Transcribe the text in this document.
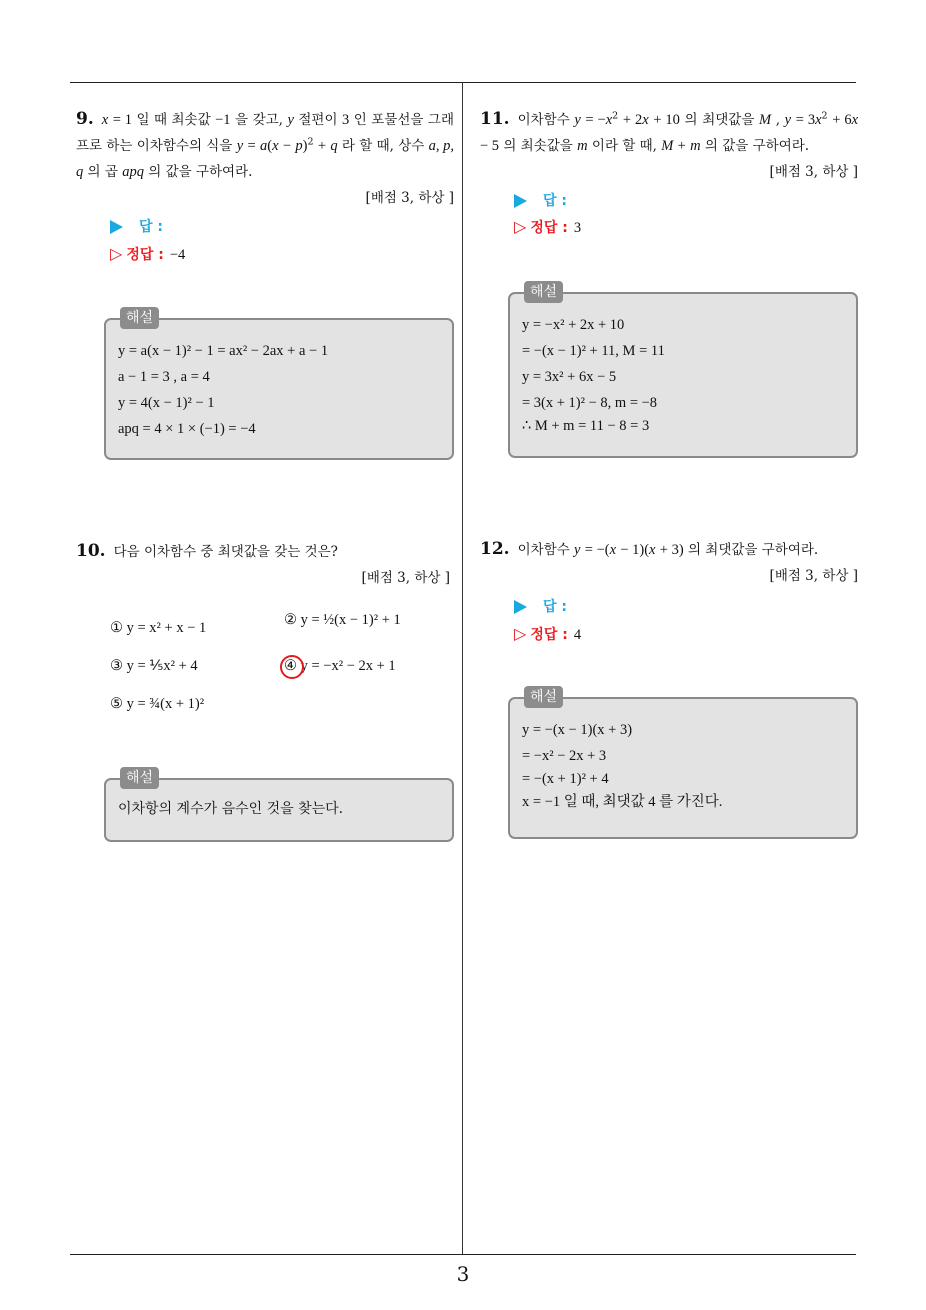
3
9. x = 1 일 때 최솟값 −1 을 갖고, y 절편이 3 인 포물선을 그래프로 하는 이차함수의 식을 $y = a(x - p)^2 + q$ 라 할 때, 상수 a, p, q 의 곱 apq 의 값을 구하여라.
[배점 3, 하상 ]
답 :
▷ 정답 : −4
해설
y = a(x − 1)² − 1 = ax² − 2ax + a − 1
a − 1 = 3 , a = 4
y = 4(x − 1)² − 1
apq = 4 × 1 × (−1) = −4
10. 다음 이차함수 중 최댓값을 갖는 것은?
[배점 3, 하상 ]
① y = x² + x − 1	② y = ½(x − 1)² + 1
③ y = ⅕x² + 4	④ y = −x² − 2x + 1
⑤ y = ¾(x + 1)²
해설
이차항의 계수가 음수인 것을 찾는다.
11. 이차함수 $y = -x^2 + 2x + 10$ 의 최댓값을 M , $y = 3x^2 + 6x - 5$ 의 최솟값을 m 이라 할 때, M + m 의 값을 구하여라.
[배점 3, 하상 ]
답 :
▷ 정답 : 3
해설
y = −x² + 2x + 10
= −(x − 1)² + 11, M = 11
y = 3x² + 6x − 5
= 3(x + 1)² − 8, m = −8
∴ M + m = 11 − 8 = 3
12. 이차함수 y = −(x − 1)(x + 3) 의 최댓값을 구하여라.
[배점 3, 하상 ]
답 :
▷ 정답 : 4
해설
y = −(x − 1)(x + 3)
= −x² − 2x + 3
= −(x + 1)² + 4
x = −1 일 때, 최댓값 4 를 가진다.
